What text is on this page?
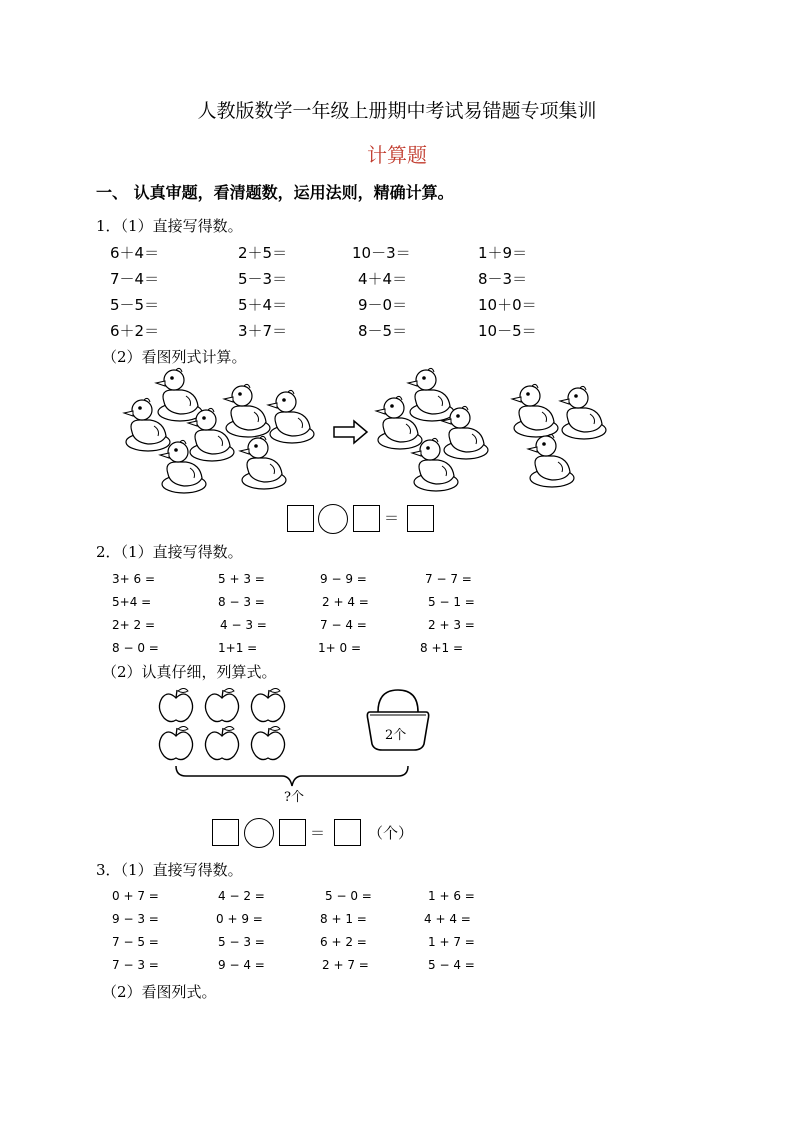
人教版数学一年级上册期中考试易错题专项集训
计算题
一、 认真审题，看清题数，运用法则，精确计算。
1．（1）直接写得数。
6＋4＝	2＋5＝	10－3＝	1＋9＝
7－4＝	5－3＝	4＋4＝	8－3＝
5－5＝	5＋4＝	9－0＝	10＋0＝
6＋2＝	3＋7＝	8－5＝	10－5＝
（2）看图列式计算。
＝
2．（1）直接写得数。
3+ 6 =	5 + 3 =	9 − 9 =	7 − 7 =
5+4 =	8 − 3 =	2 + 4 =	5 − 1 =
2+ 2 =	4 − 3 =	7 − 4 =	2 + 3 =
8 − 0 =	1+1 =	1+ 0 =	8 +1 =
（2）认真仔细，列算式。
2个
?个
＝	（个）
3．（1）直接写得数。
0 + 7 =	4 − 2 =	5 − 0 =	1 + 6 =
9 − 3 =	0 + 9 =	8 + 1 =	4 + 4 =
7 − 5 =	5 − 3 =	6 + 2 =	1 + 7 =
7 − 3 =	9 − 4 =	2 + 7 =	5 − 4 =
（2）看图列式。
